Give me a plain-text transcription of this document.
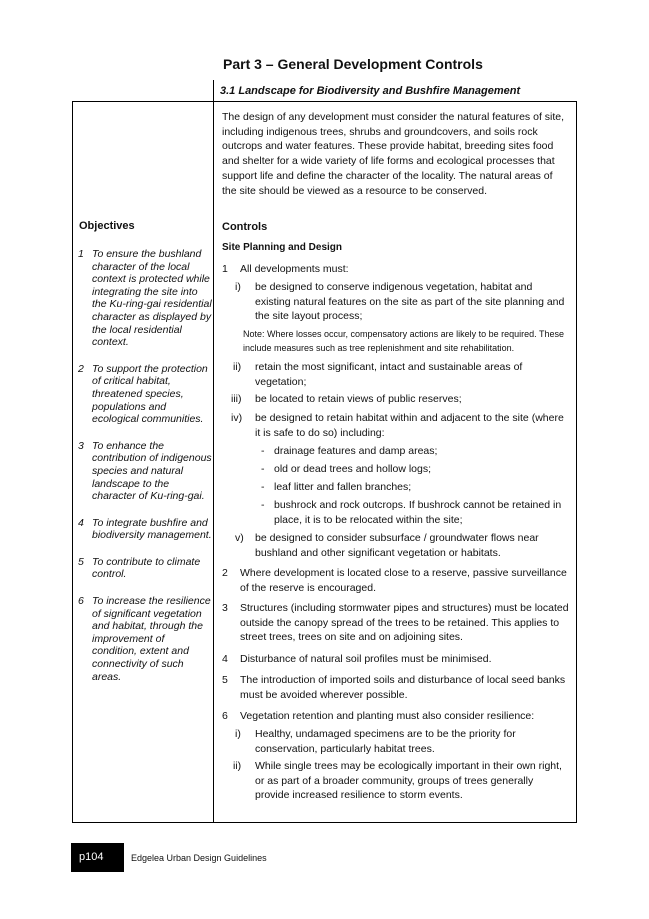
Part 3 – General Development Controls
3.1 Landscape for Biodiversity and Bushfire Management
The design of any development must consider the natural features of site, including indigenous trees, shrubs and groundcovers, and soils rock outcrops and water features. These provide habitat, breeding sites food and shelter for a wide variety of life forms and ecological processes that support life and define the character of the locality. The natural areas of the site should be viewed as a resource to be conserved.
Objectives
1 To ensure the bushland character of the local context is protected while integrating the site into the Ku-ring-gai residential character as displayed by the local residential context.
2 To support the protection of critical habitat, threatened species, populations and ecological communities.
3 To enhance the contribution of indigenous species and natural landscape to the character of Ku-ring-gai.
4 To integrate bushfire and biodiversity management.
5 To contribute to climate control.
6 To increase the resilience of significant vegetation and habitat, through the improvement of condition, extent and connectivity of such areas.
Controls
Site Planning and Design
1	All developments must:
i)	be designed to conserve indigenous vegetation, habitat and existing natural features on the site as part of the site planning and the site layout process;
Note: Where losses occur, compensatory actions are likely to be required. These include measures such as tree replenishment and site rehabilitation.
ii)	retain the most significant, intact and sustainable areas of vegetation;
iii)	be located to retain views of public reserves;
iv)	be designed to retain habitat within and adjacent to the site (where it is safe to do so) including:
- drainage features and damp areas;
- old or dead trees and hollow logs;
- leaf litter and fallen branches;
- bushrock and rock outcrops. If bushrock cannot be retained in place, it is to be relocated within the site;
v)	be designed to consider subsurface / groundwater flows near bushland and other significant vegetation or habitats.
2	Where development is located close to a reserve, passive surveillance of the reserve is encouraged.
3	Structures (including stormwater pipes and structures) must be located outside the canopy spread of the trees to be retained. This applies to street trees, trees on site and on adjoining sites.
4	Disturbance of natural soil profiles must be minimised.
5	The introduction of imported soils and disturbance of local seed banks must be avoided wherever possible.
6	Vegetation retention and planting must also consider resilience:
i)	Healthy, undamaged specimens are to be the priority for conservation, particularly habitat trees.
ii)	While single trees may be ecologically important in their own right, or as part of a broader community, groups of trees generally provide increased resilience to storm events.
p104	Edgelea Urban Design Guidelines
